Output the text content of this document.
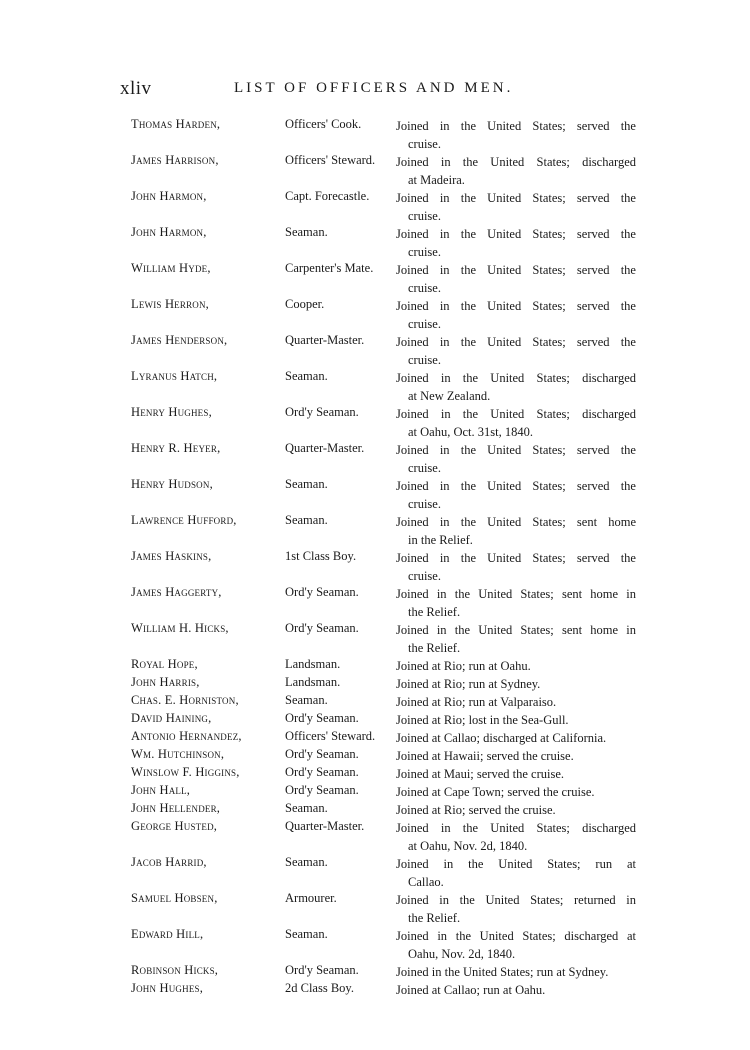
xliv	LIST OF OFFICERS AND MEN.
Thomas Harden,	Officers' Cook.	Joined in the United States; served the
cruise.
James Harrison,	Officers' Steward. Joined in the United States; discharged
at Madeira.
John Harmon,	Capt. Forecastle. Joined in the United States; served the
cruise.
John Harmon,	Seaman.	Joined in the United States; served the
cruise.
William Hyde,	Carpenter's Mate. Joined in the United States; served the
cruise.
Lewis Herron,	Cooper.	Joined in the United States; served the
cruise.
James Henderson,	Quarter-Master.	Joined in the United States; served the
cruise.
Lyranus Hatch,	Seaman.	Joined in the United States; discharged
at New Zealand.
Henry Hughes,	Ord'y Seaman.	Joined in the United States; discharged
at Oahu, Oct. 31st, 1840.
Henry R. Heyer,	Quarter-Master.	Joined in the United States; served the
cruise.
Henry Hudson,	Seaman.	Joined in the United States; served the
cruise.
Lawrence Hufford,	Seaman.	Joined in the United States; sent home
in the Relief.
James Haskins,	1st Class Boy.	Joined in the United States; served the
cruise.
James Haggerty,	Ord'y Seaman.	Joined in the United States; sent home in
the Relief.
William H. Hicks,	Ord'y Seaman.	Joined in the United States; sent home in
the Relief.
Royal Hope,	Landsman.	Joined at Rio; run at Oahu.
John Harris,	Landsman.	Joined at Rio; run at Sydney.
Chas. E. Horniston,	Seaman.	Joined at Rio; run at Valparaiso.
David Haining,	Ord'y Seaman.	Joined at Rio; lost in the Sea-Gull.
Antonio Hernandez,	Officers' Steward. Joined at Callao; discharged at California.
Wm. Hutchinson,	Ord'y Seaman.	Joined at Hawaii; served the cruise.
Winslow F. Higgins,	Ord'y Seaman.	Joined at Maui; served the cruise.
John Hall,	Ord'y Seaman.	Joined at Cape Town; served the cruise.
John Hellender,	Seaman.	Joined at Rio; served the cruise.
George Husted,	Quarter-Master.	Joined in the United States; discharged
at Oahu, Nov. 2d, 1840.
Jacob Harrid,	Seaman.	Joined in the United States; run at
Callao.
Samuel Hobsen,	Armourer.	Joined in the United States; returned in
the Relief.
Edward Hill,	Seaman.	Joined in the United States; discharged at
Oahu, Nov. 2d, 1840.
Robinson Hicks,	Ord'y Seaman.	Joined in the United States; run at Sydney.
John Hughes,	2d Class Boy.	Joined at Callao; run at Oahu.
